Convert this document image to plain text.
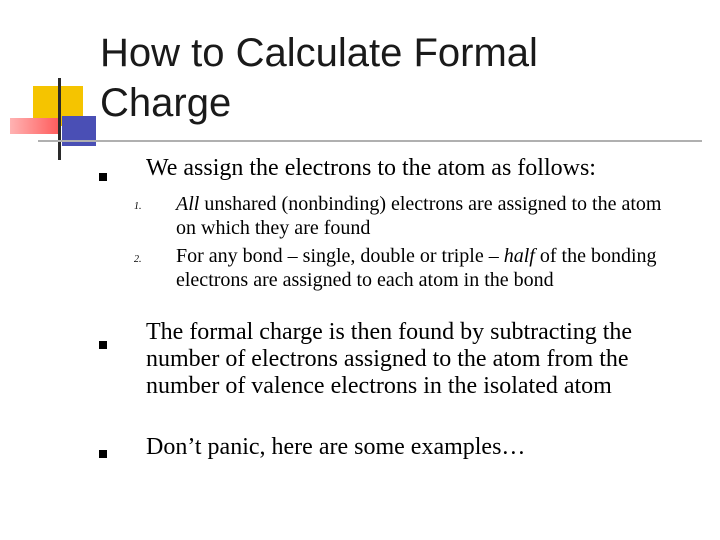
How to Calculate Formal Charge
We assign the electrons to the atom as follows:
1. All unshared (nonbinding) electrons are assigned to the atom on which they are found
2. For any bond – single, double or triple – half of the bonding electrons are assigned to each atom in the bond
The formal charge is then found by subtracting the number of electrons assigned to the atom from the number of valence electrons in the isolated atom
Don’t panic, here are some examples…
